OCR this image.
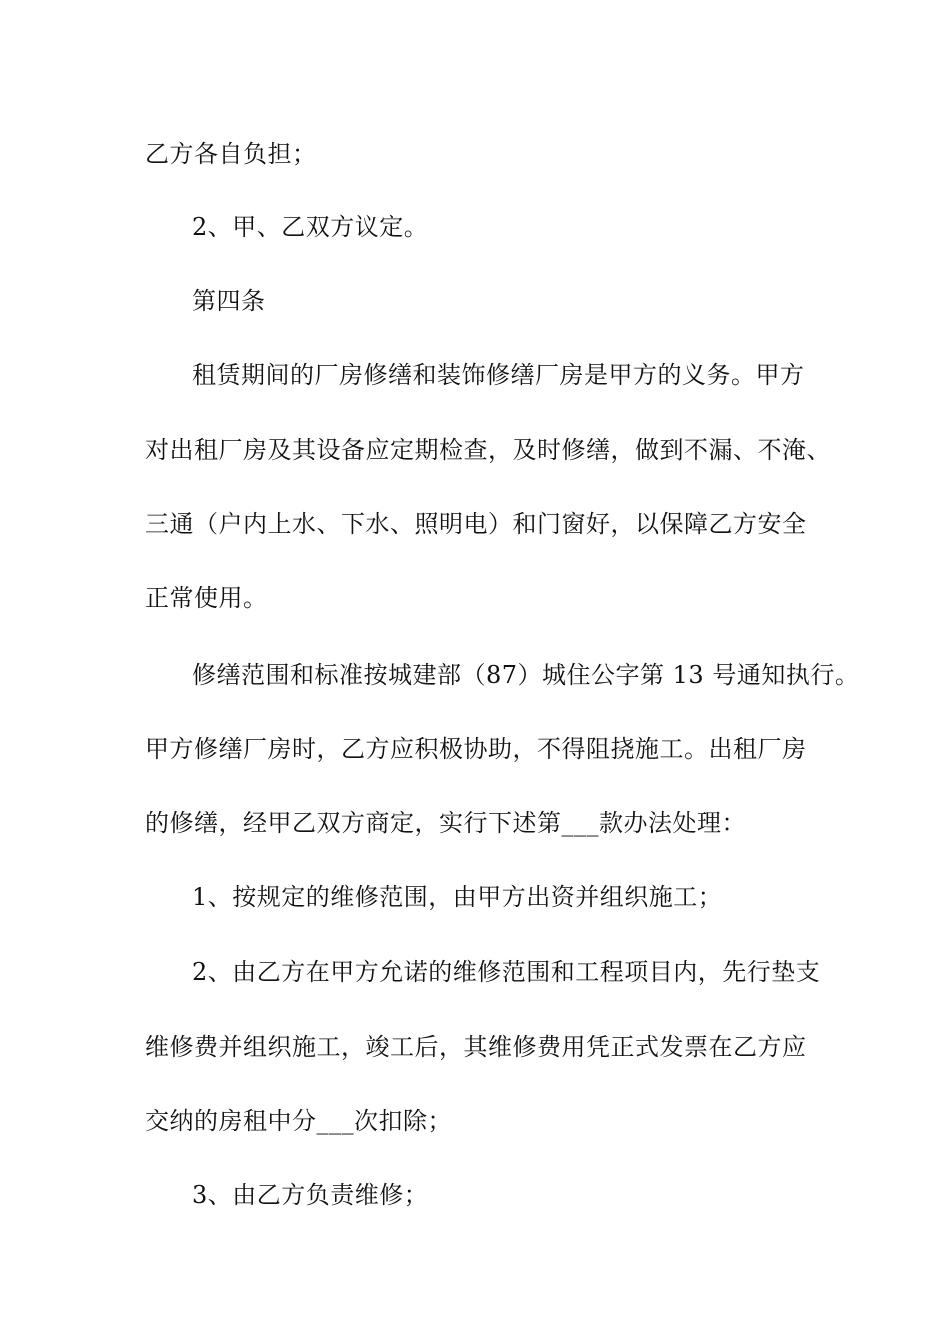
乙方各自负担；
2、甲、乙双方议定。
第四条
租赁期间的厂房修缮和装饰修缮厂房是甲方的义务。甲方
对出租厂房及其设备应定期检查，及时修缮，做到不漏、不淹、
三通（户内上水、下水、照明电）和门窗好，以保障乙方安全
正常使用。
修缮范围和标准按城建部（87）城住公字第 13 号通知执行。
甲方修缮厂房时，乙方应积极协助，不得阻挠施工。出租厂房
的修缮，经甲乙双方商定，实行下述第___款办法处理：
1、按规定的维修范围，由甲方出资并组织施工；
2、由乙方在甲方允诺的维修范围和工程项目内，先行垫支
维修费并组织施工，竣工后，其维修费用凭正式发票在乙方应
交纳的房租中分___次扣除；
3、由乙方负责维修；
